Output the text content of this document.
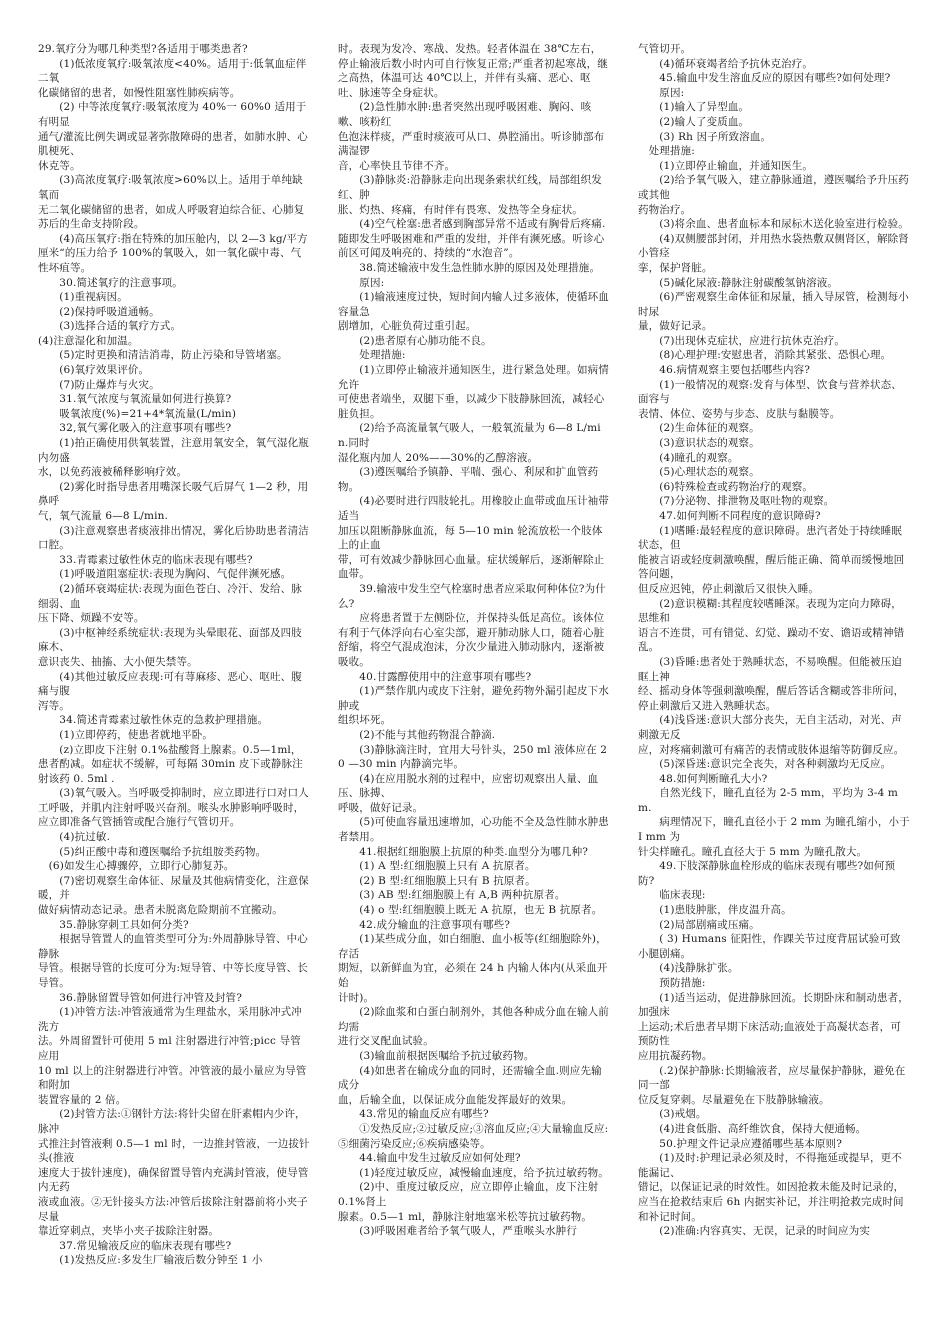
29.氧疗分为哪几种类型?各适用于哪类患者?
　　(1)低浓度氧疗:吸氧浓度<40%。适用于:低氧血症伴二氧
化碳储留的患者，如慢性阻塞性肺疾病等。
　　(2) 中等浓度氧疗:吸氧浓度为 40%一 60%0 适用于有明显
通气/灌流比例失调或显著弥散障碍的患者，如肺水肿、心肌梗死、
休克等。
　　(3)高浓度氧疗:吸氧浓度>60%以上。适用于单纯缺氧而
无二氧化碳储留的患者，如成人呼吸窘迫综合征、心肺复苏后的生命支持阶段。
　　(4)高压氧疗:指在特殊的加压舱内，以 2—3 kg/平方厘米“的压力给予 100%的氧吸入，如一氧化碳中毒、气性坏疽等。
　　30.简述氧疗的注意事项。
　　(1)重视病因。
　　(2)保持呼吸道通畅。
　　(3)选择合适的氧疗方式。
(4)注意湿化和加温。
　　(5)定时更换和清洁消毒，防止污染和导管堵塞。
　　(6)氧疗效果评价。
　　(7)防止爆炸与火灾。
　　31.氧气浓度与氧流量如何进行换算?
　　吸氧浓度(%)=21+4*氧流量(L/min)
　　32,氧气雾化吸入的注意事项有哪些?
　　(1)拍正确使用供氧装置，注意用氧安全，氧气湿化瓶内勿盛
水，以免药液被稀释影响疗效。
　　(2)雾化时指导患者用嘴深长吸气后屏气 1—2 秒，用鼻呼
气，氧气流量 6—8 L/min.
　　(3)注意观察患者痰液排出情况，雾化后协助患者清洁口腔。
　　33.青霉素过敏性休克的临床表现有哪些?
　　(1)呼吸道阻塞症状:表现为胸闷、气促伴濒死感。
　　(2)循环衰竭症状:表现为面色苍白、冷汗、发给、脉细弱、血
压下降、烦躁不安等。
　　(3)中枢神经系统症状:表现为头晕眼花、面部及四肢麻木、
意识丧失、抽搐、大小便失禁等。
　　(4)其他过敏反应表现:可有荨麻疹、恶心、呕吐、腹痛与腹
泻等。
　　34.简述青霉素过敏性休克的急救护理措施。
　　(1)立即停药，使患者就地平卧。
　　(z)立即皮下注射 0.1%盐酸肾上腺素。0.5—1ml，患者酌减。如症状不缓解，可每隔 30min 皮下或静脉注射该药 0. 5ml .
　　(3)氧气吸入。当呼吸受抑制时，应立即进行口对口人工呼吸，并肌内注射呼吸兴奋剂。喉头水肿影响呼吸时，应立即准备气管插管或配合施行气管切开。
　　(4)抗过敏.
　　(5)纠正酸中毒和遵医嘱给予抗组胺类药物。
　(6)如发生心搏骤停，立即行心肺复苏。
　　(7)密切观察生命体征、尿量及其他病情变化，注意保暖，并
做好病情动态记录。患者未脱离危险期前不宜搬动。
　　35.静脉穿刺工具如何分类?
　　根据导管置人的血管类型可分为:外周静脉导管、中心静脉
导管。根据导管的长度可分为:短导管、中等长度导管、长导管。
　　36.静脉留置导管如何进行冲管及封管?
　　(1)冲管方法:冲管液通常为生理盐水，采用脉冲式冲洗方
法。外周留置针可使用 5 ml 注射器进行冲管;picc 导管应用
10 ml 以上的注射器进行冲管。冲管液的最小量应为导管和附加
装置容量的 2 倍。
　　(2)封管方法:①钢针方法:将针尖留在肝素帽内少许，脉冲
式推注封管液剩 0.5—1 ml 时，一边推封管液，一边拔针头(推液
速度大于拔针速度)，确保留置导管内充满封管液，使导管内无药
液或血液。②无针接头方法:冲管后拔除注射器前将小夹子尽量
靠近穿刺点，夹毕小夹子拔除注射器。
　　37.常见输液反应的临床表现有哪些?
　　(1)发热反应:多发生厂输液后数分钟至 1 小
时。表现为发冷、寒战、发热。轻者体温在 38℃左右，停止输液后数小时内可自行恢复正常;严重者初起寒战，继之高热，体温可达 40℃以上，并伴有头痛、恶心、呕吐、脉速等全身症状。
　　(2)急性肺水肿:患者突然出现呼吸困难、胸闷、咳嗽、咳粉红
色泡沫样痰，严重时痰液可从口、鼻腔涌出。听诊肺部布满湿锣
音，心率快且节律不齐。
　　(3)静脉炎:沿静脉走向出现条索状红线，局部组织发红、肿
胀、灼热、疼痛，有时伴有畏寒、发热等全身症状。
　　(4)空气栓塞:患者感到胸部异常不适或有胸骨后疼痛.随即发生呼吸困难和严重的发绀，并伴有濒死感。听诊心前区可闻及响亮的、持续的“水泡音”。
　　38.简述输液中发生急性肺水肿的原因及处理措施。
　　原因:
　　(1)输液速度过快，短时间内输人过多液体，使循环血容量急
剧增加，心脏负荷过重引起。
　　(2)患者原有心肺功能不良。
　　处理措施:
　　(1)立即停止输液并通知医生，进行紧急处理。如病情允许
可使患者端坐，双腿下垂，以减少下肢静脉回流，减轻心脏负担。
　　(2)给予高流量氧气吸人，一般氧流量为 6—8 L/min.同时
湿化瓶内加人 20%——30%的乙醇溶液。
　　(3)遵医嘱给予镇静、平喘、强心、利尿和扩血管药物。
　　(4)必要时进行四肢轮扎。用橡胶止血带或血压计袖带适当
加压以阻断静脉血流，每 5—10 min 轮流放松一个肢体上的止血
带，可有效减少静脉回心血量。症状缓解后，逐渐解除止血带。
　　39.输液中发生空气栓塞时患者应采取何种体位?为什么?
　　应将患者置于左侧卧位，并保持头低足高位。该体位有利于气体浮向右心室尖部，避开肺动脉人口，随着心脏舒缩，将空气混成泡沫，分次少量进入肺动脉内，逐渐被吸收。
　　40.甘露醇使用中的注意事项有哪些?
　　(1)严禁作肌内或皮下注射，避免药物外漏引起皮下水肿或
组织坏死。
　　(2)不能与其他药物混合静滴.
　　(3)静脉滴注时，宜用大号针头，250 ml 液体应在 20 —30 min 内静滴完毕。
　　(4)在应用脱水剂的过程中，应密切观察出人量、血压、脉搏、
呼吸，做好记录。
　　(5)可使血容量迅速增加，心功能不全及急性肺水肿患者禁用。
　　41.根据红细胞膜上抗原的种类.血型分为哪几种?
　　(1) A 型:红细胞膜上只有 A 抗原者。
　　(2) B 型:红细胞膜上只有 B 抗原者。
　　(3) AB 型:红细胞膜上有 A,B 两种抗原者。
　　(4) o 型:红细胞膜上既无 A 抗原，也无 B 抗原者。
　　42.成分输血的注意事项有哪些?
　　(1)某些成分血，如白细胞、血小板等(红细胞除外)，存活
期短，以新鲜血为宜，必须在 24 h 内输人体内(从采血开始
计时)。
　　(2)除血浆和白蛋白制剂外，其他各种成分血在输人前均需
进行交叉配血试验。
　　(3)输血前根据医嘱给予抗过敏药物。
　　(4)如患者在输成分血的同时，还需输全血.则应先输成分
血，后输全血，以保证成分血能发挥最好的效果。
　　43.常见的输血反应有哪些?
　　①发热反应;②过敏反应;③溶血反应;④大量输血反应:
⑤细菌污染反应;⑥疾病感染等。
　　44.输血中发生过敏反应如何处理?
　　(1)轻度过敏反应，减慢输血速度，给予抗过敏药物。
　　(2)中、重度过敏反应，应立即停止输血，皮下注射 0.1%肾上
腺素。0.5—1 ml，静脉注射地塞米松等抗过敏药物。
　　(3)呼吸困难者给予氧气吸人，严重喉头水肿行
气管切开。
　　(4)循环衰竭者给予抗休克治疗。
　　45.输血中发生溶血反应的原因有哪些?如何处理?
　　原因:
　　(1)输入了异型血。
　　(2)输人了变质血。
　　(3) Rh 因子所致溶血。
　处理措施:
　　(1)立即停止输血，并通知医生。
　　(2)给予氧气吸入，建立静脉通道，遵医嘱给予升压药或其他
药物治疗。
　　(3)将余血、患者血标本和尿标木送化验室进行检验。
　　(4)双侧腰部封闭，并用热水袋热敷双侧肾区，解除肾小管痉
挛，保护肾脏。
　　(5)碱化尿液:静脉注射碳酸氢钠溶液。
　　(6)严密观察生命体征和尿量，插入导尿管，检测每小时尿
量，做好记录。
　　(7)出现休克症状，应进行抗休克治疗。
　　(8)心理护理:安慰患者，消除其紧张、恐惧心理。
　　46.病情观察主要包括哪些内容?
　　(1)一般情况的观察:发育与体型、饮食与营养状态、面容与
表情、体位、姿势与步态、皮肤与黏膜等。
　　(2)生命体征的观察。
　　(3)意识状态的观察。
　　(4)瞳孔的观察。
　　(5)心理状态的观察。
　　(6)特殊检查或药物治疗的观察。
　　(7)分泌物、排泄物及呕吐物的观察。
　　47.如何判断不同程度的意识障碍?
　　(1)嗜睡:最轻程度的意识障碍。患汽者处于持续睡眠状态，但
能被言语或轻度刺激唤醒，醒后能正确、简单而缓慢地回答问题，
但反应迟钝，停止刺激后又很快入睡。
　　(2)意识模糊:其程度较嗜睡深。表现为定向力障碍，思维和
语言不连贯，可有错觉、幻觉、躁动不安、谵语或精神错乱。
　　(3)昏睡:患者处于熟睡状态，不易唤醒。但能被压迫眶上神
经、摇动身体等强刺激唤醒，醒后答话含糊或答非所问，停止刺激后又进入熟睡状态。
　　(4)浅昏迷:意识大部分丧失，无自主活动，对光、声刺激无反
应，对疼痛刺激可有痛苦的表情或肢体退缩等防御反应。
　　(5)深昏迷:意识完全丧失，对各种刺激均无反应。
　　48.如何判断瞳孔大小?
　　自然光线下，瞳孔直径为 2-5 mm，平均为 3-4 mm.
　　病理情况下，瞳孔直径小于 2 mm 为瞳孔缩小，小于 I mm 为
针尖样瞳孔。瞳孔直径大于 5 mm 为瞳孔散大。
　　49.下肢深静脉血栓形成的临床表现有哪些?如何预防?
　　临床表现:
　　(1)患肢肿胀，伴皮温升高。
　　(2)局部剧痛或压痛。
　　( 3) Humans 征阳性，作踝关节过度背屈试验可致小腿剧痛。
　　(4)浅静脉扩张。
　　预防措施:
　　(1)适当运动，促进静脉回流。长期卧床和制动患者，加强床
上运动;术后患者早期下床活动;血液处于高凝状态者，可预防性
应用抗凝药物。
　　(.2)保护静脉:长期输液者，应尽量保护静脉，避免在同一部
位反复穿刺。尽量避免在下肢静脉输液。
　　(3)戒烟。
　　(4)进食低脂、高纤维饮食，保持大便通畅。
　　50.护理文件记录应遵循哪些基本原则?
　　(1)及时:护理记录必须及时，不得拖延或提早，更不能漏记、
错记，以保证记录的时效性。如因抢救未能及时记录的，应当在抢救结束后 6h 内据实补记，并注明抢救完成时间和补记时间。
　　(2)准确:内容真实、无误，记录的时间应为实
